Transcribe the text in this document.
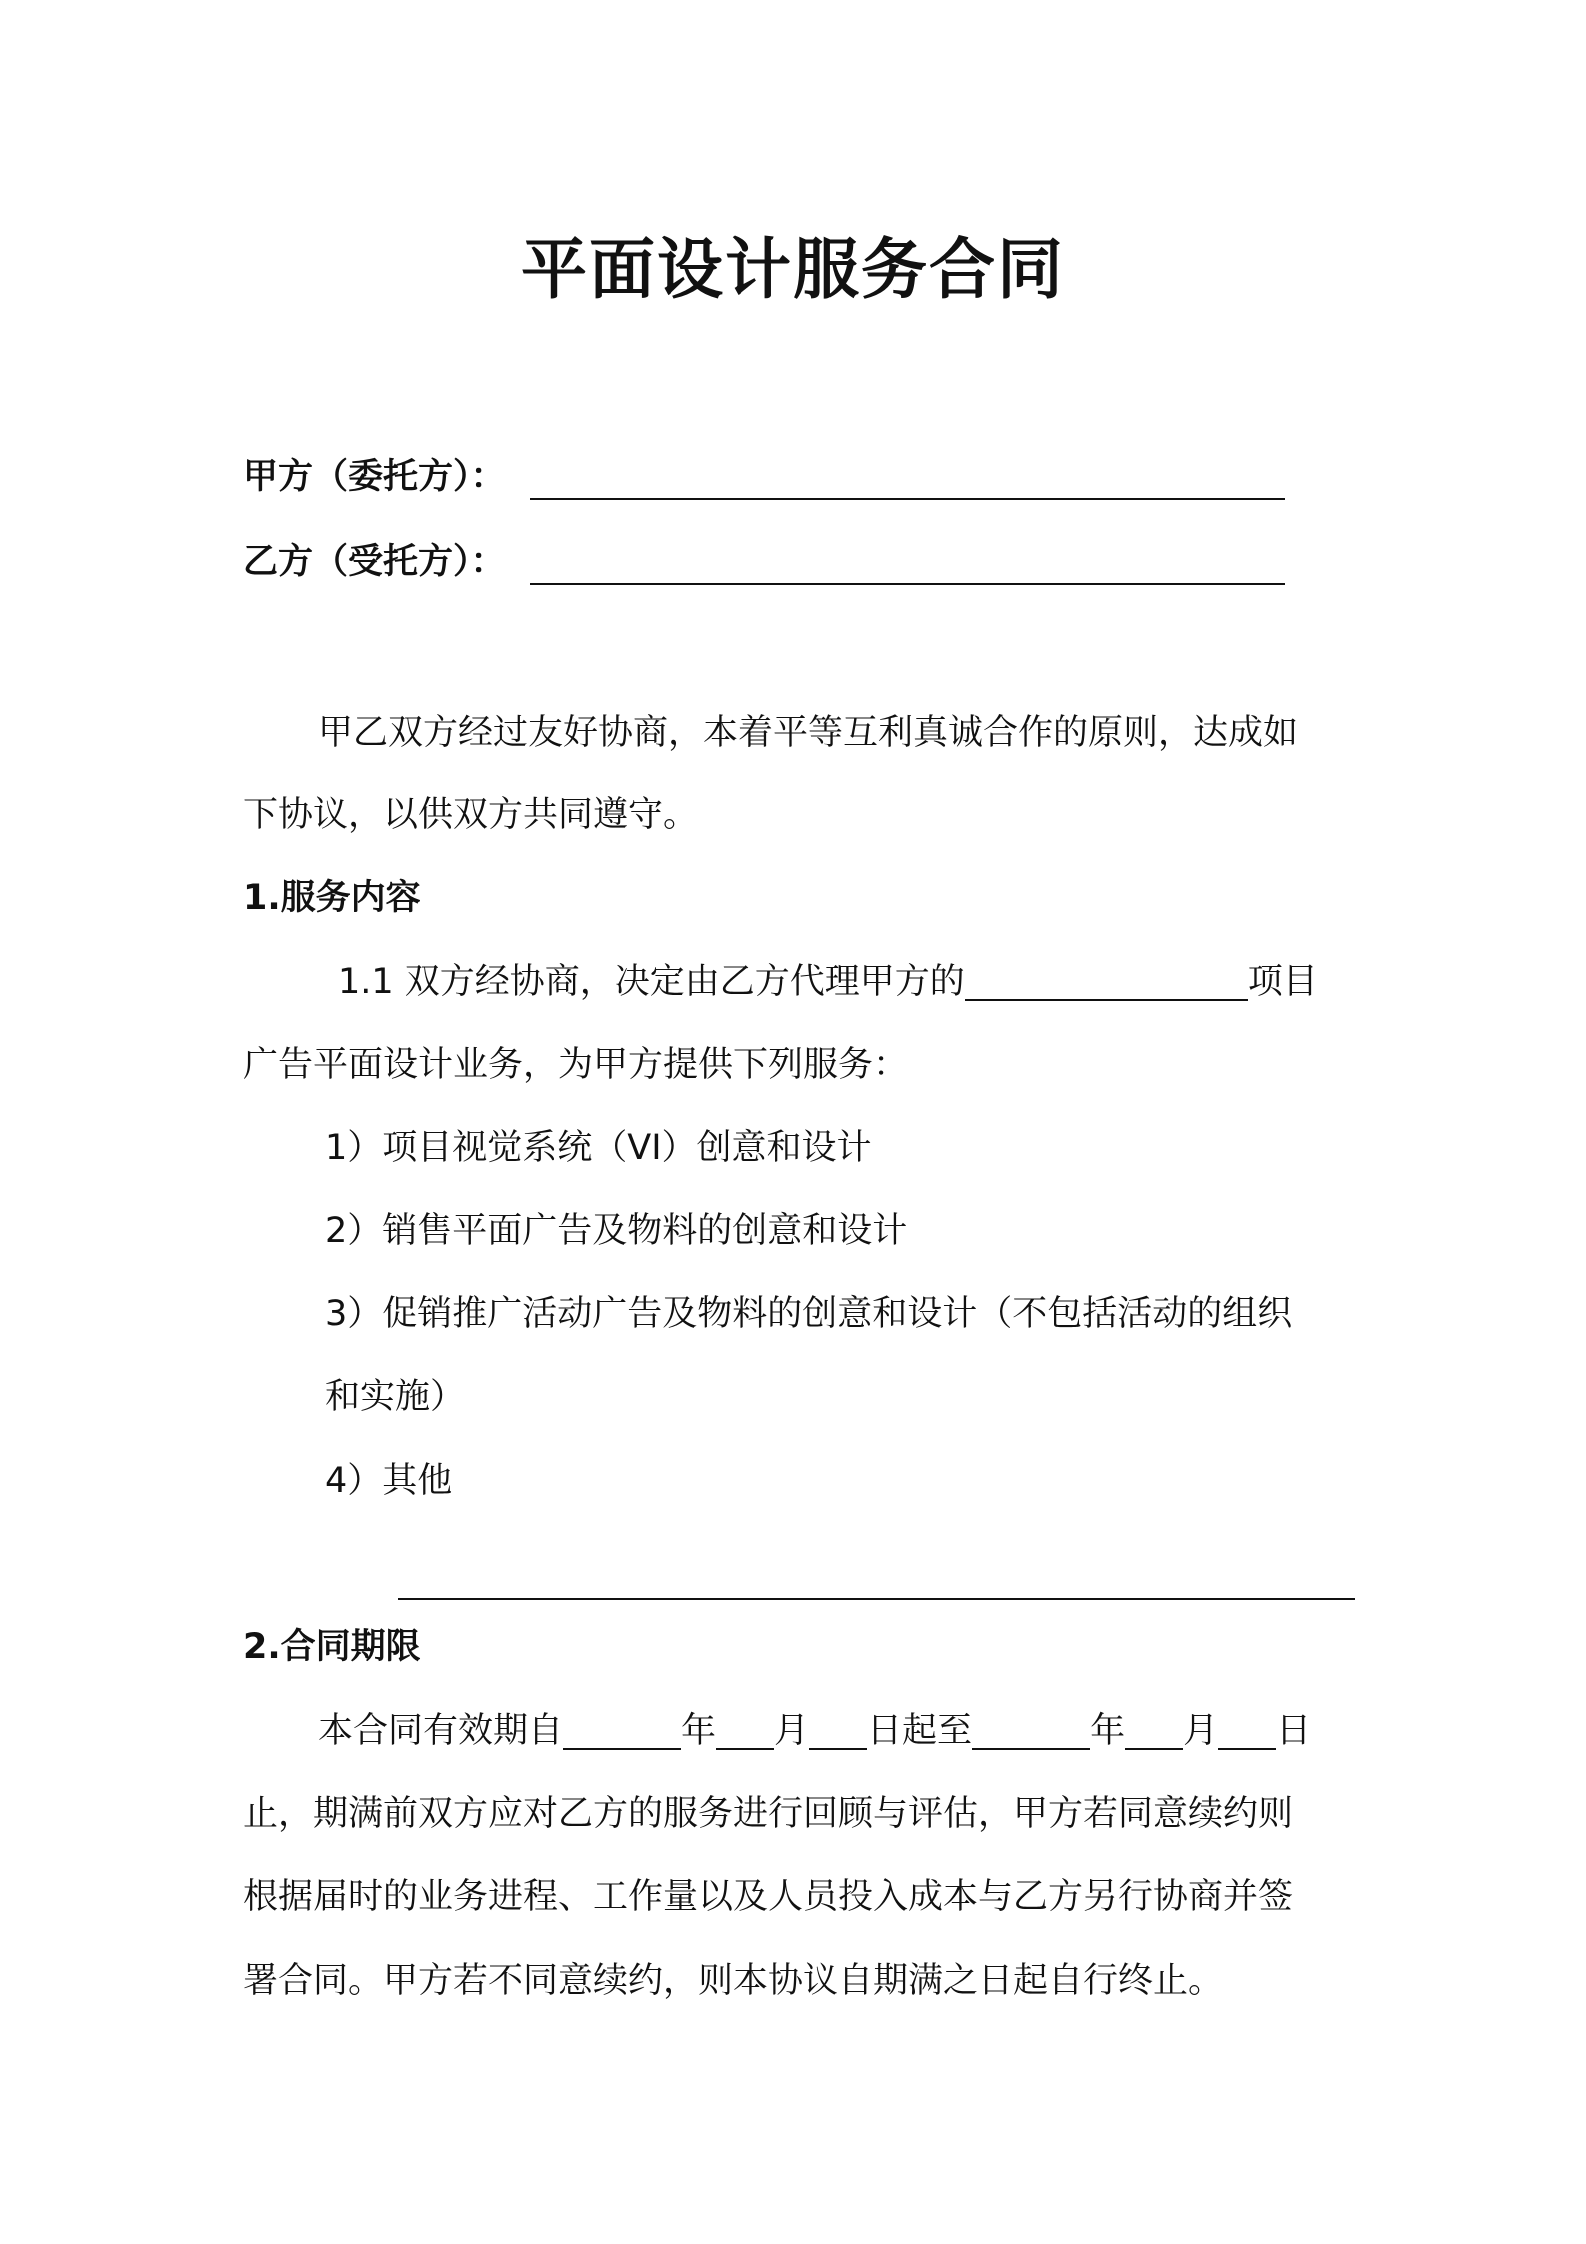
平面设计服务合同
甲方（委托方）：
乙方（受托方）：
甲乙双方经过友好协商，本着平等互利真诚合作的原则，达成如
下协议，以供双方共同遵守。
1.服务内容
1.1 双方经协商，决定由乙方代理甲方的	项目
广告平面设计业务，为甲方提供下列服务：
1）项目视觉系统（VI）创意和设计
2）销售平面广告及物料的创意和设计
3）促销推广活动广告及物料的创意和设计（不包括活动的组织
和实施）
4）其他
2.合同期限
本合同有效期自	年 月 日起至	年 月 日
止，期满前双方应对乙方的服务进行回顾与评估，甲方若同意续约则
根据届时的业务进程、工作量以及人员投入成本与乙方另行协商并签
署合同。甲方若不同意续约，则本协议自期满之日起自行终止。
